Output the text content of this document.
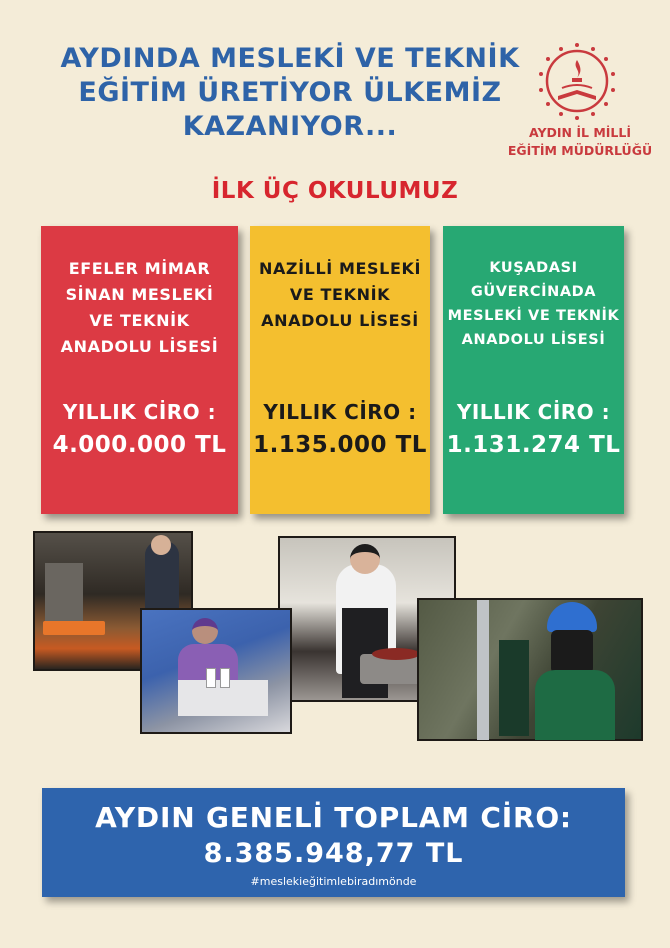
AYDINDA MESLEKİ VE TEKNİK
EĞİTİM ÜRETİYOR ÜLKEMİZ
KAZANIYOR...	AYDIN İL MİLLİ
EĞİTİM MÜDÜRLÜĞÜ
İLK ÜÇ OKULUMUZ
EFELER MİMAR
SİNAN MESLEKİ
VE TEKNİK
ANADOLU LİSESİ
YILLIK CİRO :
4.000.000 TL
NAZİLLİ MESLEKİ
VE TEKNİK
ANADOLU LİSESİ
YILLIK CİRO :
1.135.000 TL
KUŞADASI
GÜVERCİNADA
MESLEKİ VE TEKNİK
ANADOLU LİSESİ
YILLIK CİRO :
1.131.274 TL
AYDIN GENELİ TOPLAM CİRO:
8.385.948,77 TL
#meslekieğitimlebiradımönde
